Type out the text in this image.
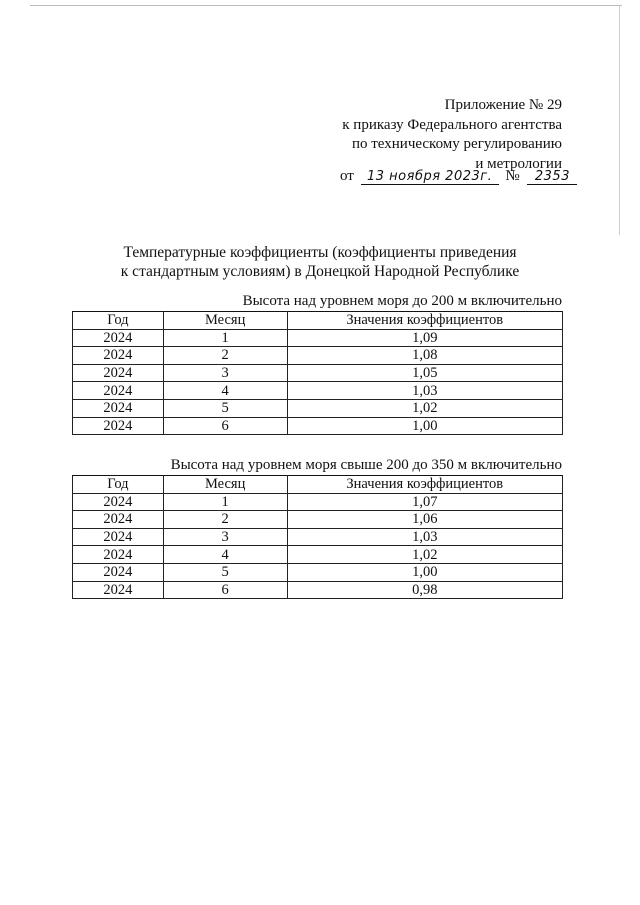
Приложение № 29
к приказу Федерального агентства
по техническому регулированию
и метрологии
от 13 ноября 2023г. № 2353
Температурные коэффициенты (коэффициенты приведения
к стандартным условиям) в Донецкой Народной Республике
Высота над уровнем моря до 200 м включительно
Год	Месяц	Значения коэффициентов
2024	1	1,09
2024	2	1,08
2024	3	1,05
2024	4	1,03
2024	5	1,02
2024	6	1,00
Высота над уровнем моря свыше 200 до 350 м включительно
Год	Месяц	Значения коэффициентов
2024	1	1,07
2024	2	1,06
2024	3	1,03
2024	4	1,02
2024	5	1,00
2024	6	0,98
